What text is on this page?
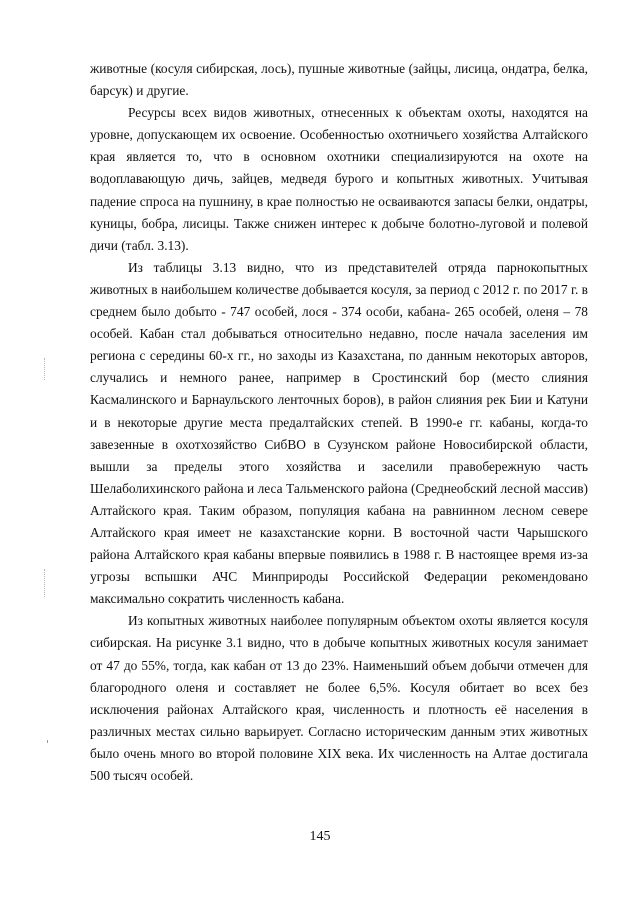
животные (косуля сибирская, лось), пушные животные (зайцы, лисица, ондатра, белка, барсук) и другие.

Ресурсы всех видов животных, отнесенных к объектам охоты, находятся на уровне, допускающем их освоение. Особенностью охотничьего хозяйства Алтайского края является то, что в основном охотники специализируются на охоте на водоплавающую дичь, зайцев, медведя бурого и копытных животных. Учитывая падение спроса на пушнину, в крае полностью не осваиваются запасы белки, ондатры, куницы, бобра, лисицы. Также снижен интерес к добыче болотно-луговой и полевой дичи (табл. 3.13).

Из таблицы 3.13 видно, что из представителей отряда парнокопытных животных в наибольшем количестве добывается косуля, за период с 2012 г. по 2017 г. в среднем было добыто - 747 особей, лося - 374 особи, кабана- 265 особей, оленя – 78 особей. Кабан стал добываться относительно недавно, после начала заселения им региона с середины 60-х гг., но заходы из Казахстана, по данным некоторых авторов, случались и немного ранее, например в Сростинский бор (место слияния Касмалинского и Барнаульского ленточных боров), в район слияния рек Бии и Катуни и в некоторые другие места предалтайских степей. В 1990-е гг. кабаны, когда-то завезенные в охотхозяйство СибВО в Сузунском районе Новосибирской области, вышли за пределы этого хозяйства и заселили правобережную часть Шелаболихинского района и леса Тальменского района (Среднеобский лесной массив) Алтайского края. Таким образом, популяция кабана на равнинном лесном севере Алтайского края имеет не казахстанские корни. В восточной части Чарышского района Алтайского края кабаны впервые появились в 1988 г. В настоящее время из-за угрозы вспышки АЧС Минприроды Российской Федерации рекомендовано максимально сократить численность кабана.

Из копытных животных наиболее популярным объектом охоты является косуля сибирская. На рисунке 3.1 видно, что в добыче копытных животных косуля занимает от 47 до 55%, тогда, как кабан от 13 до 23%. Наименьший объем добычи отмечен для благородного оленя и составляет не более 6,5%. Косуля обитает во всех без исключения районах Алтайского края, численность и плотность её населения в различных местах сильно варьирует. Согласно историческим данным этих животных было очень много во второй половине XIX века. Их численность на Алтае достигала 500 тысяч особей.

145
